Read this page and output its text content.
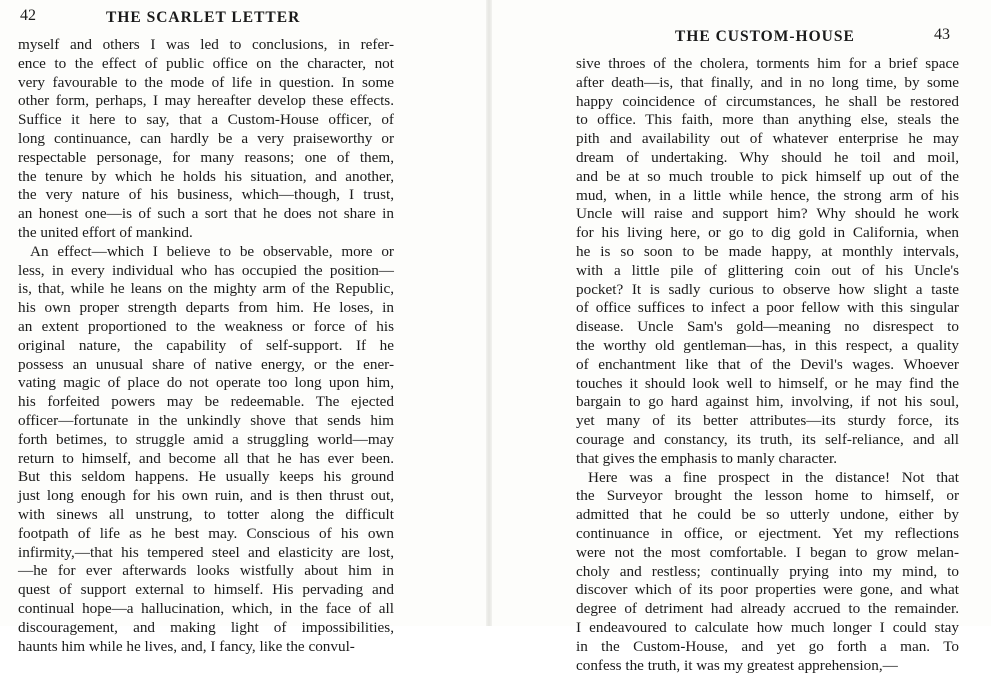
42	THE SCARLET LETTER
myself and others I was led to conclusions, in refer-
ence to the effect of public office on the character, not
very favourable to the mode of life in question. In some
other form, perhaps, I may hereafter develop these effects.
Suffice it here to say, that a Custom-House officer, of
long continuance, can hardly be a very praiseworthy or
respectable personage, for many reasons; one of them,
the tenure by which he holds his situation, and another,
the very nature of his business, which—though, I trust,
an honest one—is of such a sort that he does not share in
the united effort of mankind.
An effect—which I believe to be observable, more or
less, in every individual who has occupied the position—
is, that, while he leans on the mighty arm of the Republic,
his own proper strength departs from him. He loses, in
an extent proportioned to the weakness or force of his
original nature, the capability of self-support. If he
possess an unusual share of native energy, or the ener-
vating magic of place do not operate too long upon him,
his forfeited powers may be redeemable. The ejected
officer—fortunate in the unkindly shove that sends him
forth betimes, to struggle amid a struggling world—may
return to himself, and become all that he has ever been.
But this seldom happens. He usually keeps his ground
just long enough for his own ruin, and is then thrust out,
with sinews all unstrung, to totter along the difficult
footpath of life as he best may. Conscious of his own
infirmity,—that his tempered steel and elasticity are lost,
—he for ever afterwards looks wistfully about him in
quest of support external to himself. His pervading and
continual hope—a hallucination, which, in the face of all
discouragement, and making light of impossibilities,
haunts him while he lives, and, I fancy, like the convul-
THE CUSTOM-HOUSE	43
sive throes of the cholera, torments him for a brief space
after death—is, that finally, and in no long time, by some
happy coincidence of circumstances, he shall be restored
to office. This faith, more than anything else, steals the
pith and availability out of whatever enterprise he may
dream of undertaking. Why should he toil and moil,
and be at so much trouble to pick himself up out of the
mud, when, in a little while hence, the strong arm of his
Uncle will raise and support him? Why should he work
for his living here, or go to dig gold in California, when
he is so soon to be made happy, at monthly intervals,
with a little pile of glittering coin out of his Uncle's
pocket? It is sadly curious to observe how slight a taste
of office suffices to infect a poor fellow with this singular
disease. Uncle Sam's gold—meaning no disrespect to
the worthy old gentleman—has, in this respect, a quality
of enchantment like that of the Devil's wages. Whoever
touches it should look well to himself, or he may find the
bargain to go hard against him, involving, if not his soul,
yet many of its better attributes—its sturdy force, its
courage and constancy, its truth, its self-reliance, and all
that gives the emphasis to manly character.
Here was a fine prospect in the distance! Not that
the Surveyor brought the lesson home to himself, or
admitted that he could be so utterly undone, either by
continuance in office, or ejectment. Yet my reflections
were not the most comfortable. I began to grow melan-
choly and restless; continually prying into my mind, to
discover which of its poor properties were gone, and what
degree of detriment had already accrued to the remainder.
I endeavoured to calculate how much longer I could stay
in the Custom-House, and yet go forth a man. To
confess the truth, it was my greatest apprehension,—
